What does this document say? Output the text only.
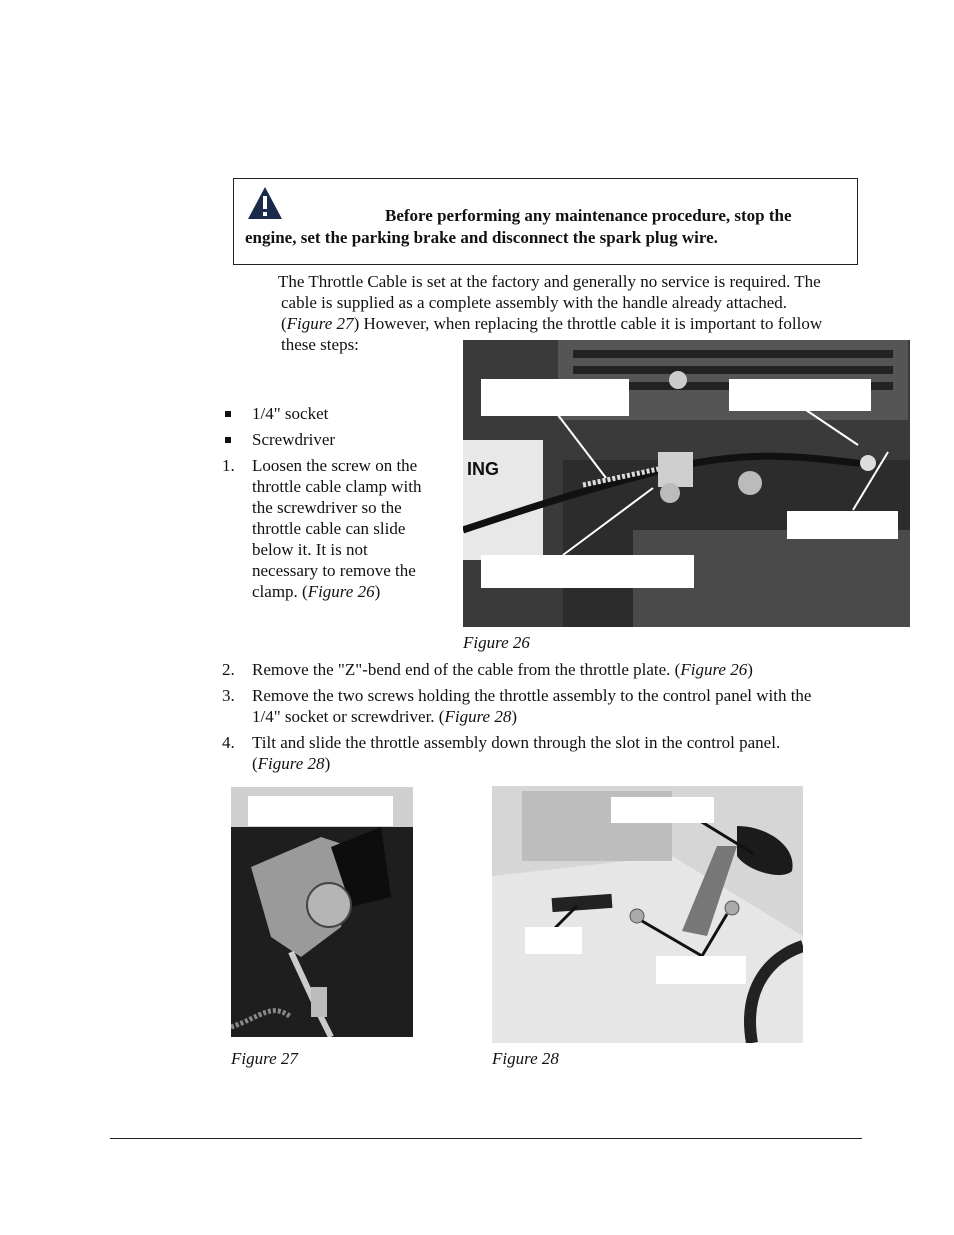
Before performing any maintenance procedure, stop the engine, set the parking brake and disconnect the spark plug wire.

The Throttle Cable is set at the factory and generally no service is required. The

cable is supplied as a complete assembly with the handle already attached.

(Figure 27) However, when replacing the throttle cable it is important to follow

these steps:

1/4" socket
Screwdriver
1. Loosen the screw on the
throttle cable clamp with
the screwdriver so the
throttle cable can slide
below it. It is not
necessary to remove the
clamp. (Figure 26)
ING
Figure 26
2. Remove the "Z"-bend end of the cable from the throttle plate. (Figure 26)
3. Remove the two screws holding the throttle assembly to the control panel with the
1/4" socket or screwdriver. (Figure 28)
4. Tilt and slide the throttle assembly down through the slot in the control panel.
(Figure 28)
Figure 27	Figure 28
